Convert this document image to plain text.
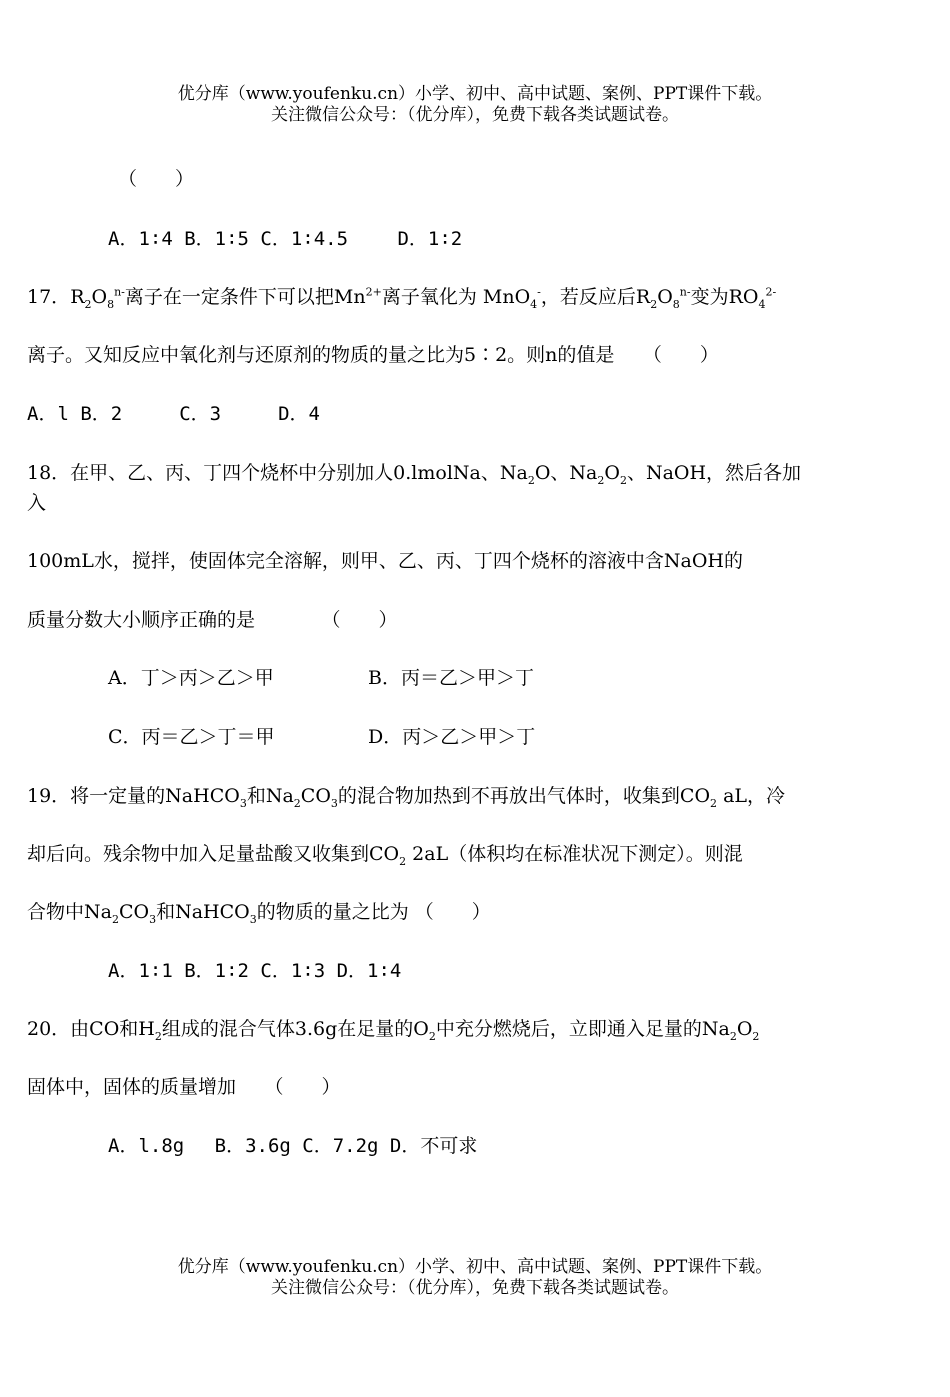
优分库（www.youfenku.cn）小学、初中、高中试题、案例、PPT课件下载。
关注微信公众号：（优分库），免费下载各类试题试卷。
（　　）
A．1∶4 B．1∶5 C．1∶4.5　　 D．1∶2
17．$R_2O_8^{n-}$离子在一定条件下可以把$Mn^{2+}$离子氧化为 MnO$_4$-，若反应后$R_2O_8^{n-}$变为$RO_4^{2-}$
离子。又知反应中氧化剂与还原剂的物质的量之比为5∶2。则n的值是　　（　　）
A．l B．2　　　C．3　　　D．4
18．在甲、乙、丙、丁四个烧杯中分别加人0.lmolNa、$Na_2O$、$Na_2O_2$、NaOH，然后各加
入
100mL水，搅拌，使固体完全溶解，则甲、乙、丙、丁四个烧杯的溶液中含NaOH的
质量分数大小顺序正确的是　　　　（　　）
A．丁＞丙＞乙＞甲	B．丙＝乙＞甲＞丁
C．丙＝乙＞丁＝甲	D．丙＞乙＞甲＞丁
19．将一定量的NaHCO$_3$和$Na_2CO_3$的混合物加热到不再放出气体时，收集到$CO_2$ aL，冷
却后向。残余物中加入足量盐酸又收集到$CO_2$ 2aL（体积均在标准状况下测定）。则混
合物中$Na_2CO_3$和NaHCO$_3$的物质的量之比为 （　　）
A．1∶1 B．1∶2 C．1∶3 D．1∶4
20．由CO和$H_2$组成的混合气体3.6g在足量的$O_2$中充分燃烧后，立即通入足量的$Na_2O_2$
固体中，固体的质量增加　　（　　）
A．l.8g　 B．3.6g C．7.2g D．不可求
优分库（www.youfenku.cn）小学、初中、高中试题、案例、PPT课件下载。
关注微信公众号：（优分库），免费下载各类试题试卷。
